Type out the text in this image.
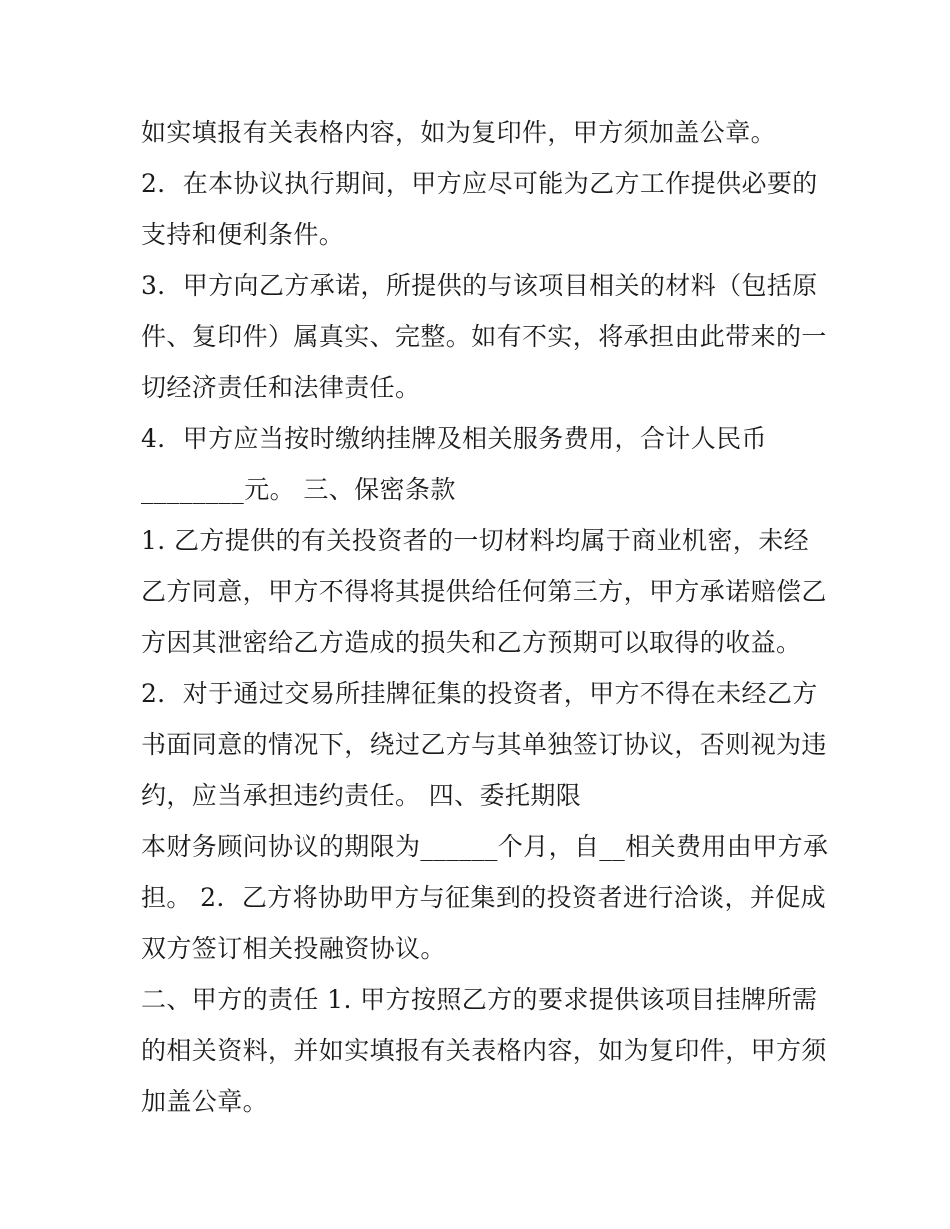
如实填报有关表格内容，如为复印件，甲方须加盖公章。
2．在本协议执行期间，甲方应尽可能为乙方工作提供必要的
支持和便利条件。
3．甲方向乙方承诺，所提供的与该项目相关的材料（包括原
件、复印件）属真实、完整。如有不实，将承担由此带来的一
切经济责任和法律责任。
4．甲方应当按时缴纳挂牌及相关服务费用，合计人民币
________元。 三、保密条款
1. 乙方提供的有关投资者的一切材料均属于商业机密，未经
乙方同意，甲方不得将其提供给任何第三方，甲方承诺赔偿乙
方因其泄密给乙方造成的损失和乙方预期可以取得的收益。
2．对于通过交易所挂牌征集的投资者，甲方不得在未经乙方
书面同意的情况下，绕过乙方与其单独签订协议，否则视为违
约，应当承担违约责任。 四、委托期限
本财务顾问协议的期限为______个月，自__相关费用由甲方承
担。 2．乙方将协助甲方与征集到的投资者进行洽谈，并促成
双方签订相关投融资协议。
二、甲方的责任 1. 甲方按照乙方的要求提供该项目挂牌所需
的相关资料，并如实填报有关表格内容，如为复印件，甲方须
加盖公章。
